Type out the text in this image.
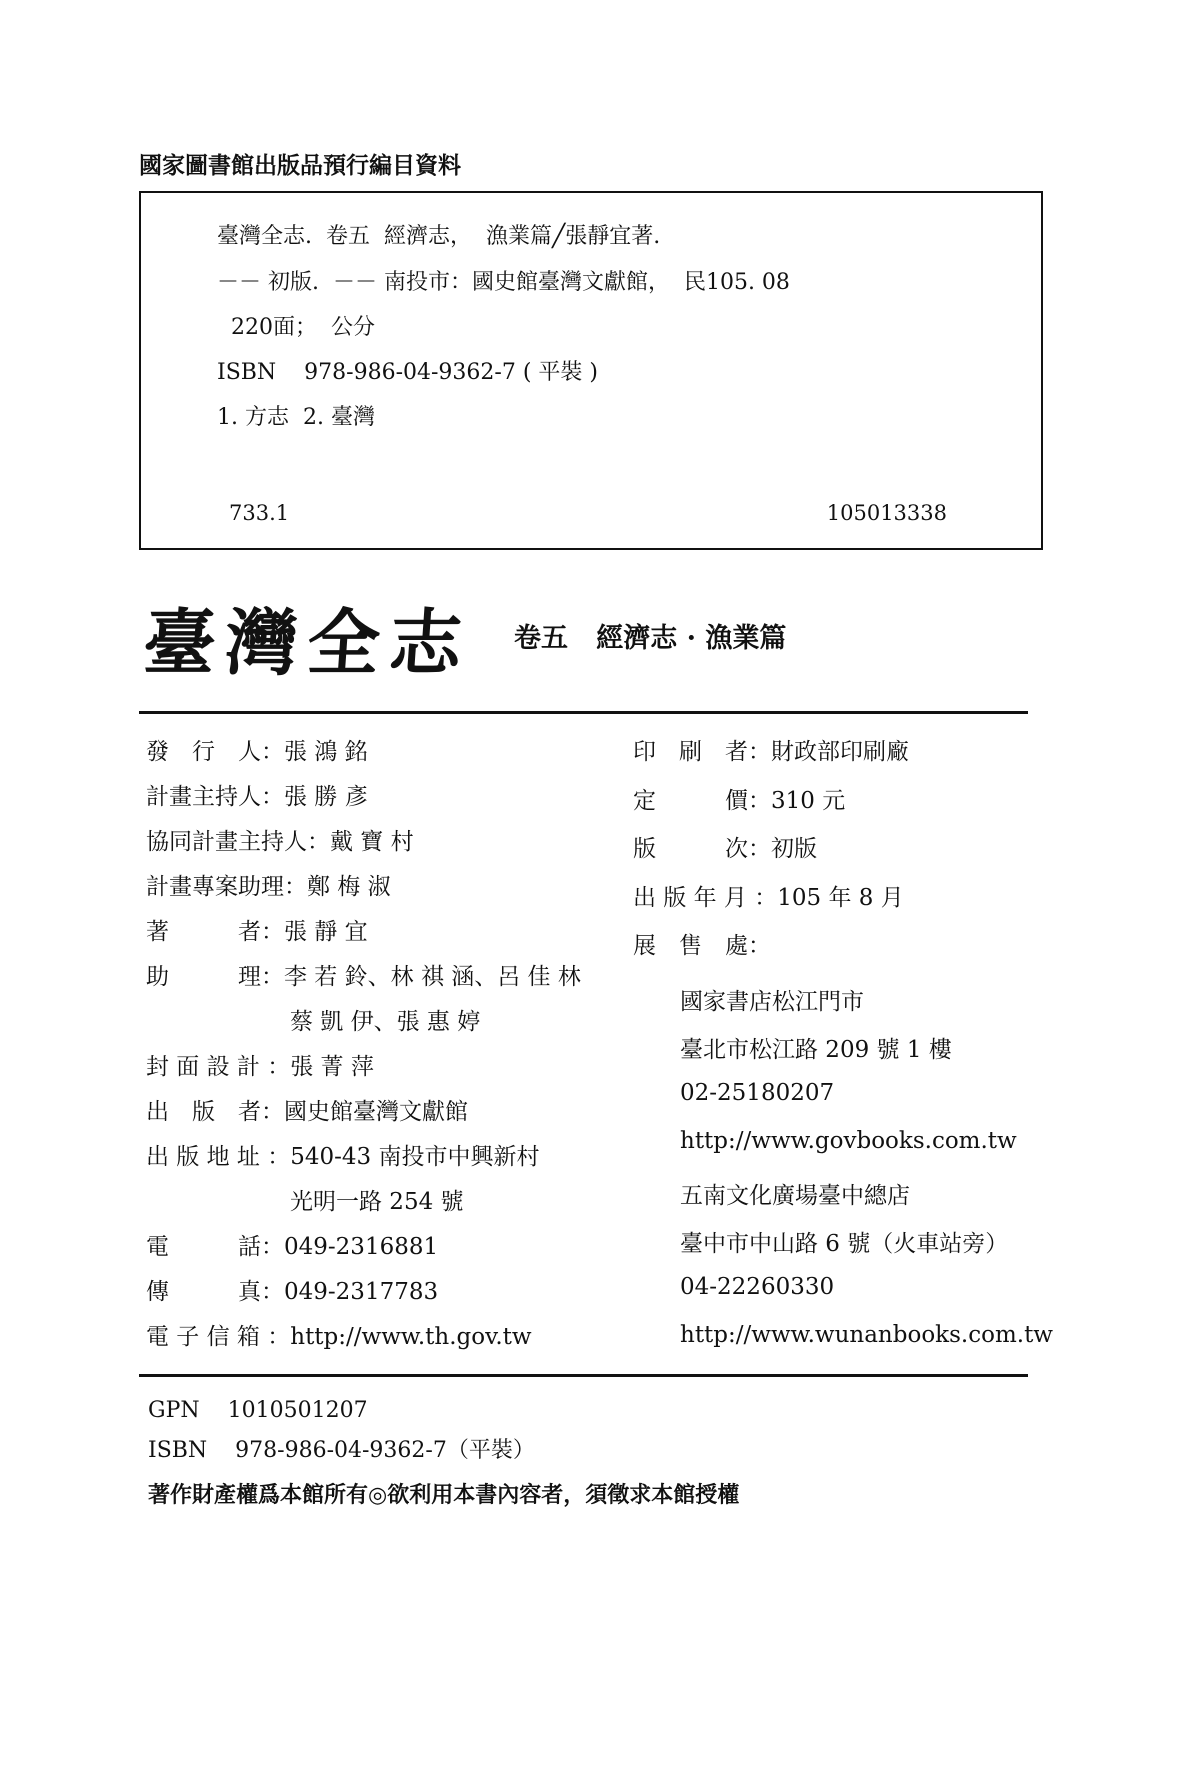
國家圖書館出版品預行編目資料
臺灣全志.  卷五  經濟志，  漁業篇╱張靜宜著.
－－ 初版.  －－ 南投市：國史館臺灣文獻館，  民105. 08
220面；  公分
ISBN    978-986-04-9362-7 ( 平裝 )
1. 方志  2. 臺灣
733.1	105013338
臺灣全志 卷五   經濟志 · 漁業篇
發　行　人：張 鴻 銘
計畫主持人：張 勝 彥
協同計畫主持人：戴 寶 村
計畫專案助理：鄭 梅 淑
著　　　者：張 靜 宜
助　　　理：李 若 鈴、林 祺 涵、呂 佳 林
蔡 凱 伊、張 惠 婷
封 面 設 計 ：張 菁 萍
出　版　者：國史館臺灣文獻館
出 版 地 址 ：540-43 南投市中興新村
光明一路 254 號
電　　　話：049-2316881
傳　　　真：049-2317783
電 子 信 箱 ：http://www.th.gov.tw
印　刷　者：財政部印刷廠
定　　　價：310 元
版　　　次：初版
出 版 年 月 ：105 年 8 月
展　售　處：
國家書店松江門市
臺北市松江路 209 號 1 樓
02-25180207
http://www.govbooks.com.tw
五南文化廣場臺中總店
臺中市中山路 6 號（火車站旁）
04-22260330
http://www.wunanbooks.com.tw
GPN    1010501207
ISBN    978-986-04-9362-7（平裝）
著作財產權爲本館所有◎欲利用本書內容者，須徵求本館授權
